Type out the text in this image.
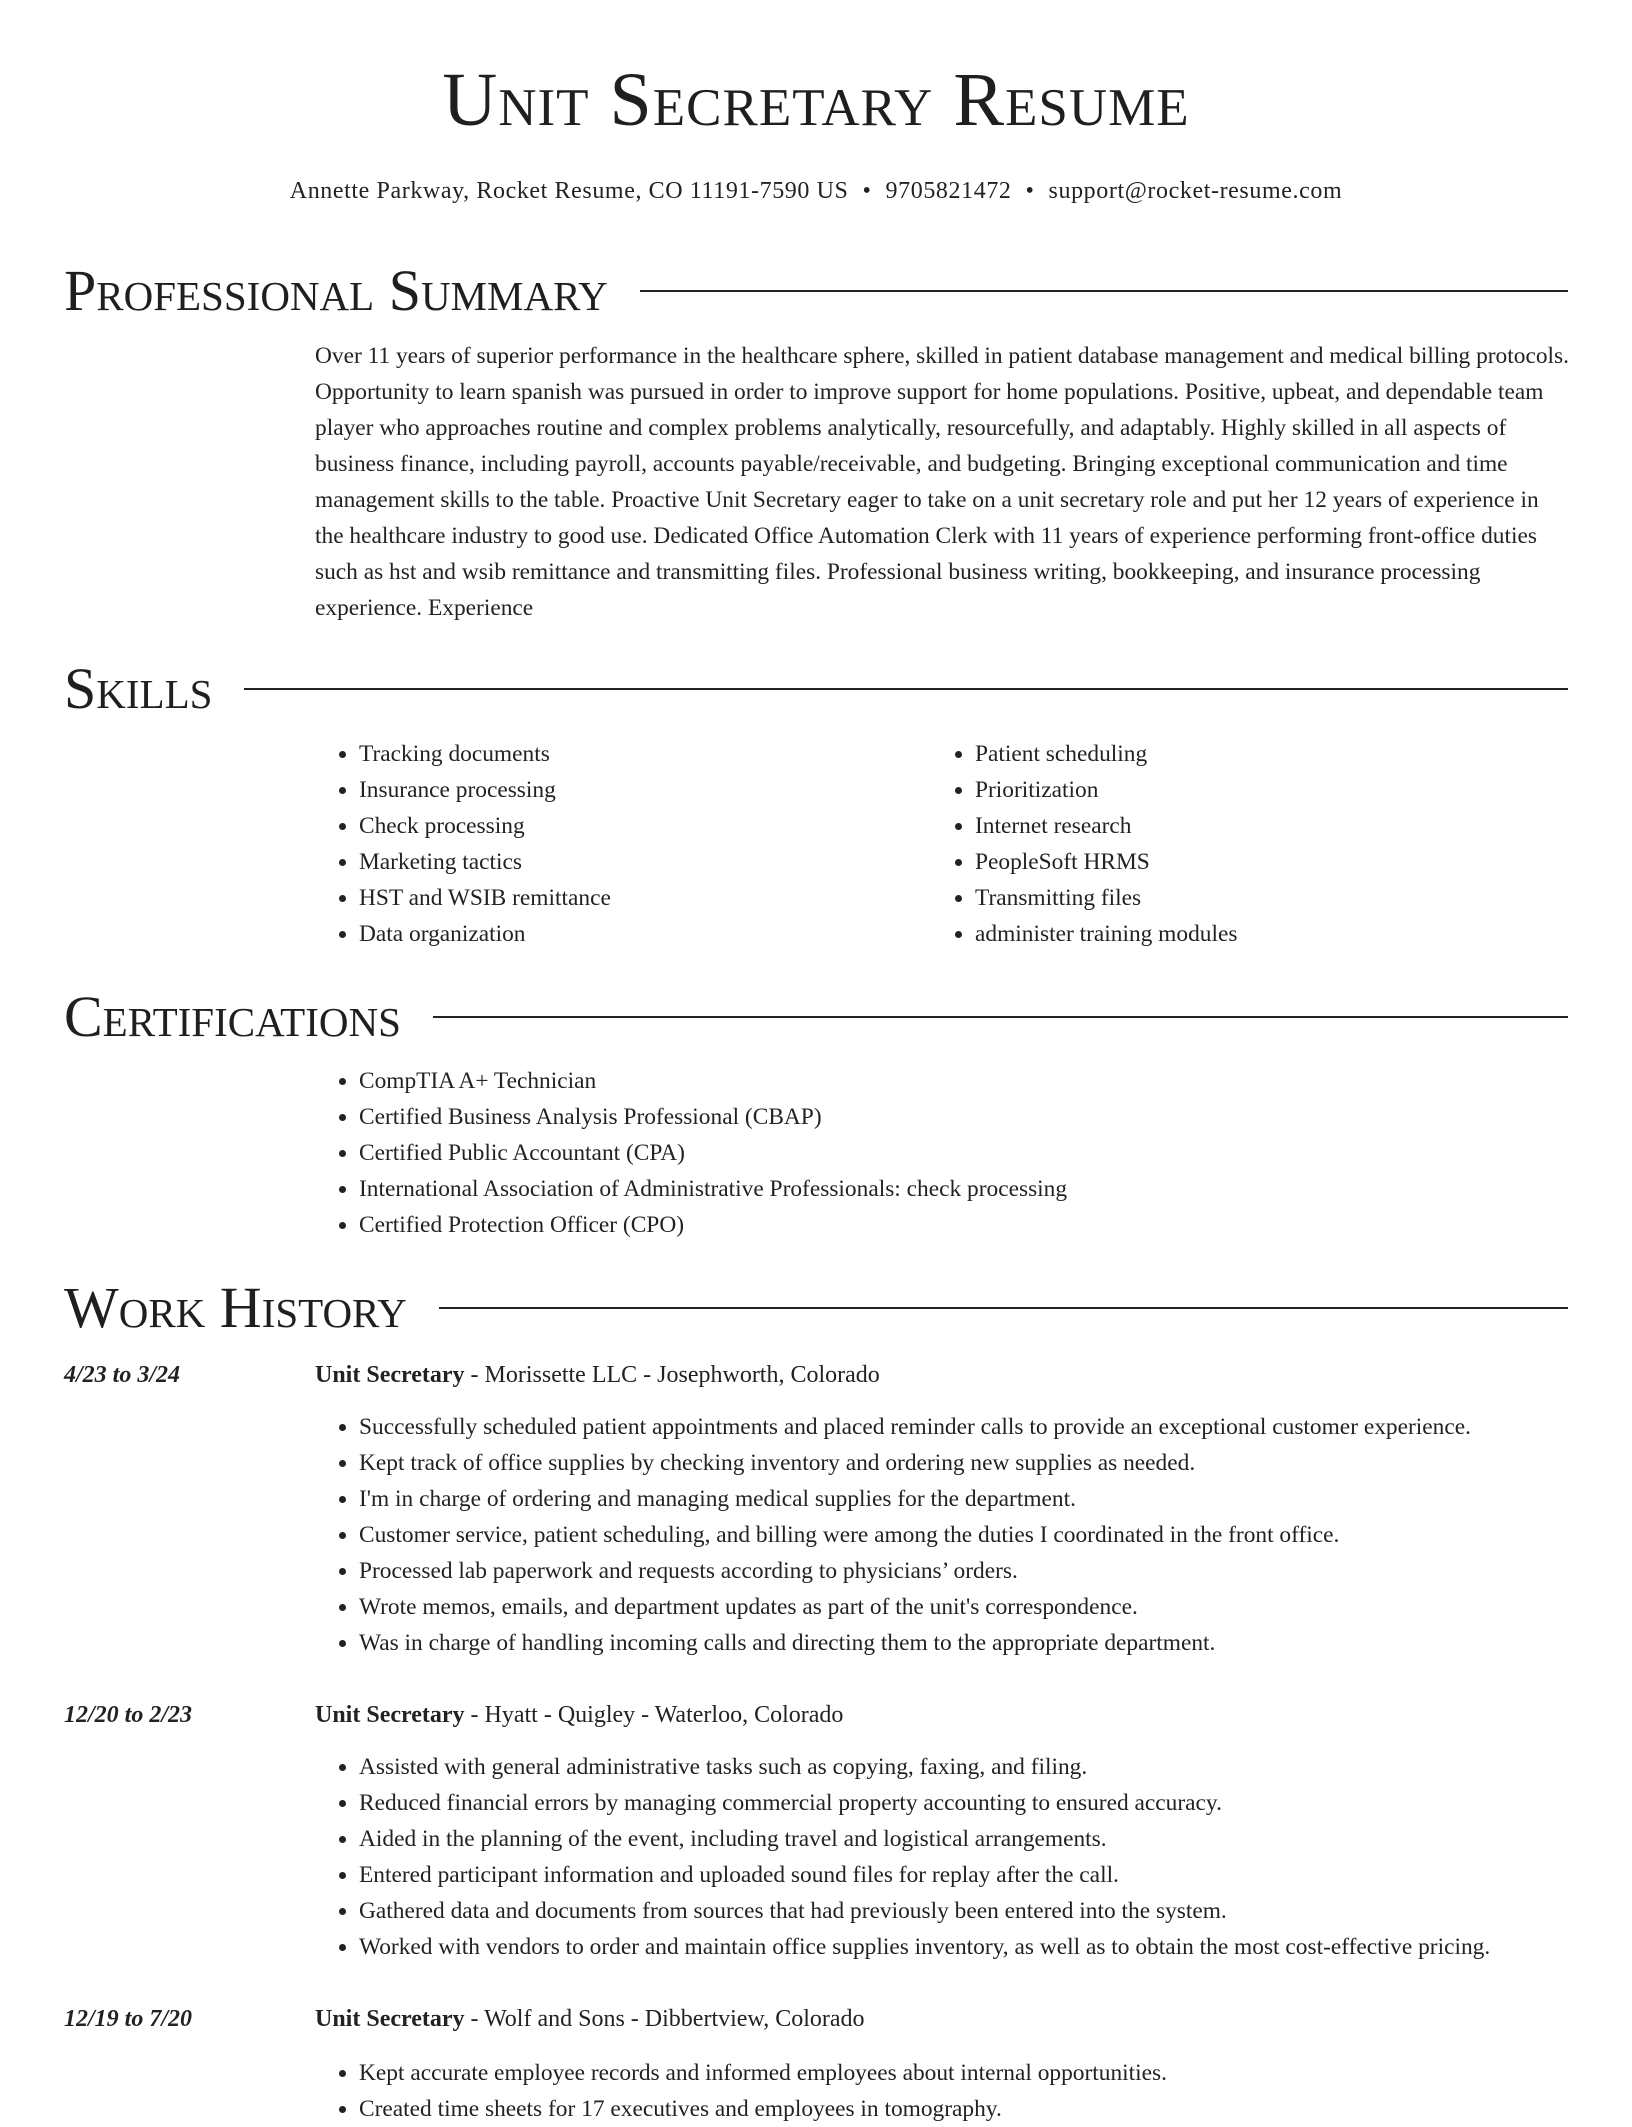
Unit Secretary Resume
Annette Parkway, Rocket Resume, CO 11191-7590 US • 9705821472 • support@rocket-resume.com
Professional Summary

Over 11 years of superior performance in the healthcare sphere, skilled in patient database management and medical billing protocols. Opportunity to learn spanish was pursued in order to improve support for home populations. Positive, upbeat, and dependable team player who approaches routine and complex problems analytically, resourcefully, and adaptably. Highly skilled in all aspects of business finance, including payroll, accounts payable/receivable, and budgeting. Bringing exceptional communication and time management skills to the table. Proactive Unit Secretary eager to take on a unit secretary role and put her 12 years of experience in the healthcare industry to good use. Dedicated Office Automation Clerk with 11 years of experience performing front-office duties such as hst and wsib remittance and transmitting files. Professional business writing, bookkeeping, and insurance processing experience. Experience

Skills
• Tracking documents
• Insurance processing
• Check processing
• Marketing tactics
• HST and WSIB remittance
• Data organization
• Patient scheduling
• Prioritization
• Internet research
• PeopleSoft HRMS
• Transmitting files
• administer training modules
Certifications
• CompTIA A+ Technician
• Certified Business Analysis Professional (CBAP)
• Certified Public Accountant (CPA)
• International Association of Administrative Professionals: check processing
• Certified Protection Officer (CPO)
Work History
4/23 to 3/24	Unit Secretary - Morissette LLC - Josephworth, Colorado
• Successfully scheduled patient appointments and placed reminder calls to provide an exceptional customer experience.
• Kept track of office supplies by checking inventory and ordering new supplies as needed.
• I'm in charge of ordering and managing medical supplies for the department.
• Customer service, patient scheduling, and billing were among the duties I coordinated in the front office.
• Processed lab paperwork and requests according to physicians’ orders.
• Wrote memos, emails, and department updates as part of the unit's correspondence.
• Was in charge of handling incoming calls and directing them to the appropriate department.
12/20 to 2/23	Unit Secretary - Hyatt - Quigley - Waterloo, Colorado
• Assisted with general administrative tasks such as copying, faxing, and filing.
• Reduced financial errors by managing commercial property accounting to ensured accuracy.
• Aided in the planning of the event, including travel and logistical arrangements.
• Entered participant information and uploaded sound files for replay after the call.
• Gathered data and documents from sources that had previously been entered into the system.
• Worked with vendors to order and maintain office supplies inventory, as well as to obtain the most cost-effective pricing.
12/19 to 7/20	Unit Secretary - Wolf and Sons - Dibbertview, Colorado
• Kept accurate employee records and informed employees about internal opportunities.
• Created time sheets for 17 executives and employees in tomography.
